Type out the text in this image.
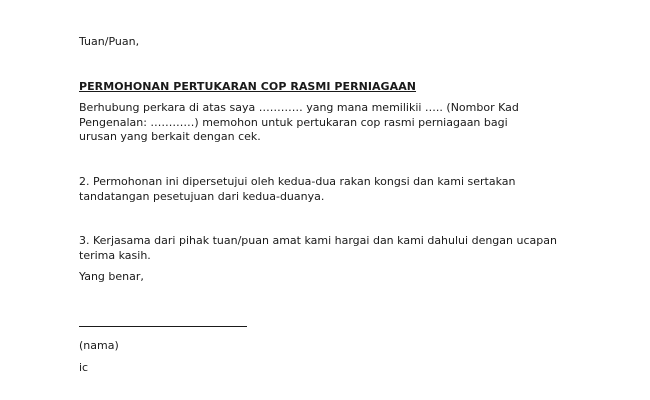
Tuan/Puan,

PERMOHONAN PERTUKARAN COP RASMI PERNIAGAAN

Berhubung perkara di atas saya ………… yang mana memilikii ….. (Nombor Kad Pengenalan: …………) memohon untuk pertukaran cop rasmi perniagaan bagi urusan yang berkait dengan cek.

2. Permohonan ini dipersetujui oleh kedua-dua rakan kongsi dan kami sertakan tandatangan pesetujuan dari kedua-duanya.

3. Kerjasama dari pihak tuan/puan amat kami hargai dan kami dahului dengan ucapan terima kasih.

Yang benar,

(nama)

ic
